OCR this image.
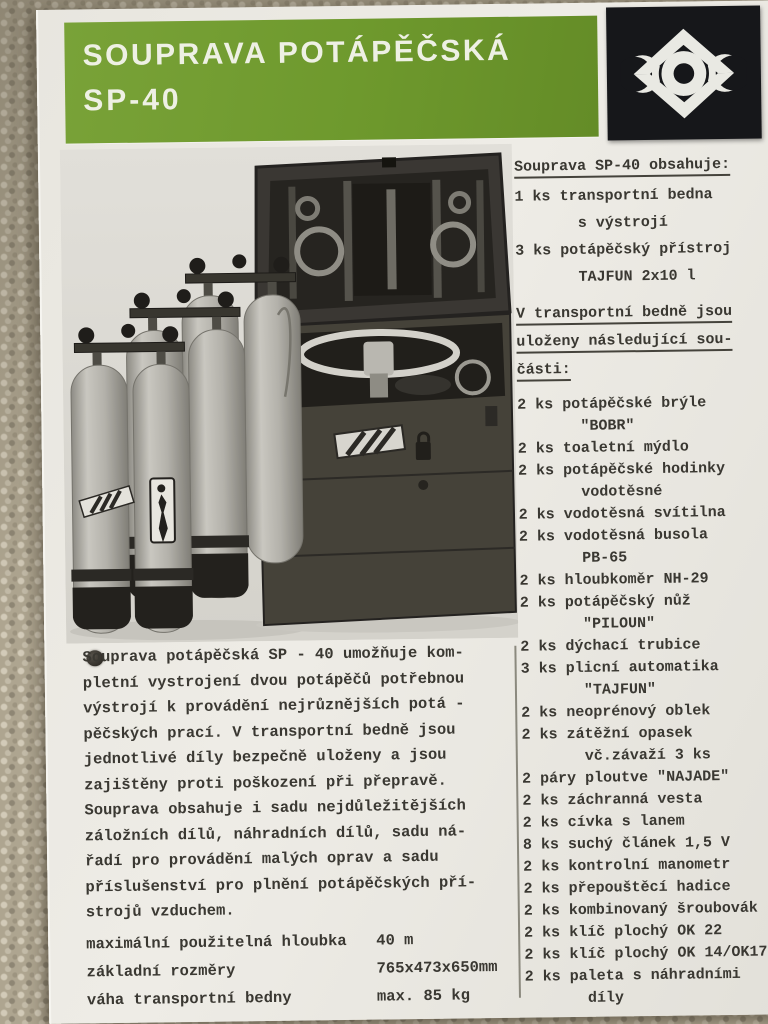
SOUPRAVA POTÁPĚČSKÁ
SP-40
Souprava SP-40 obsahuje:
1 ks transportní bedna
s výstrojí
3 ks potápěčský přístroj
TAJFUN 2x10 l
V transportní bedně jsou
uloženy následující sou-
části:
2 ks potápěčské brýle
"BOBR"
2 ks toaletní mýdlo
2 ks potápěčské hodinky
vodotěsné
2 ks vodotěsná svítilna
2 ks vodotěsná busola
PB-65
2 ks hloubkoměr NH-29
2 ks potápěčský nůž
"PILOUN"
2 ks dýchací trubice
3 ks plicní automatika
"TAJFUN"
2 ks neoprénový oblek
2 ks zátěžní opasek
vč.závaží 3 ks
2 páry ploutve "NAJADE"
2 ks záchranná vesta
2 ks cívka s lanem
8 ks suchý článek 1,5 V
2 ks kontrolní manometr
2 ks přepouštěcí hadice
2 ks kombinovaný šroubovák
2 ks klíč plochý OK 22
2 ks klíč plochý OK 14/OK17
2 ks paleta s náhradními
díly
Souprava potápěčská SP - 40 umožňuje kom-
pletní vystrojení dvou potápěčů potřebnou
výstrojí k provádění nejrůznějších potá -
pěčských prací. V transportní bedně jsou
jednotlivé díly bezpečně uloženy a jsou
zajištěny proti poškození při přepravě.
Souprava obsahuje i sadu nejdůležitějších
záložních dílů, náhradních dílů, sadu ná-
řadí pro provádění malých oprav a sadu
příslušenství pro plnění potápěčských pří-
strojů vzduchem.
maximální použitelná hloubka 40 m
základní rozměry	765x473x650mm
váha transportní bedny	max. 85 kg
